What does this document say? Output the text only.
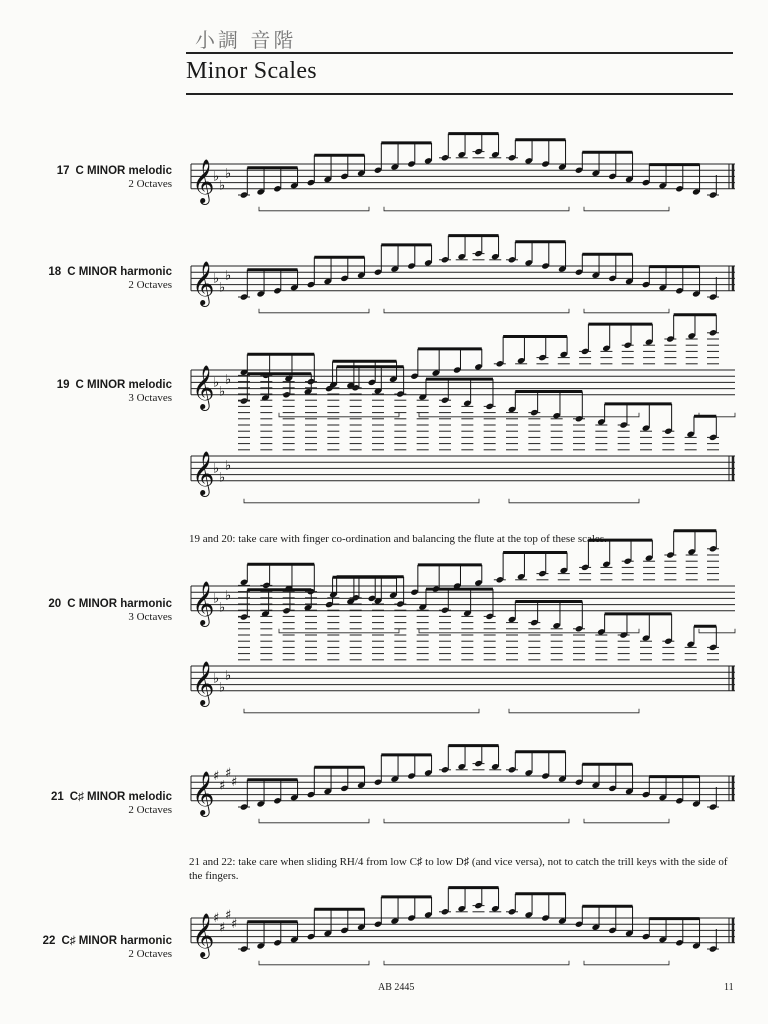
小調 音階
Minor Scales
17 C MINOR melodic
2 Octaves 𝄞
♭
♭
♭
18 C MINOR harmonic
2 Octaves 𝄞
♭
♭
♭
19 C MINOR melodic
3 Octaves 𝄞
♭
♭
♭
𝄞
♭
♭
♭
19 and 20: take care with finger co-ordination and balancing the flute at the top of these scales.
20 C MINOR harmonic
3 Octaves 𝄞
♭
♭
♭
𝄞
♭
♭
♭
21 C♯ MINOR melodic
2 Octaves 𝄞
♯
♯
♯
♯
21 and 22: take care when sliding RH/4 from low C♯ to low D♯ (and vice versa), not to catch the trill keys with the side of the fingers.
22 C♯ MINOR harmonic
2 Octaves 𝄞
♯
♯
♯
♯
AB 2445	11
